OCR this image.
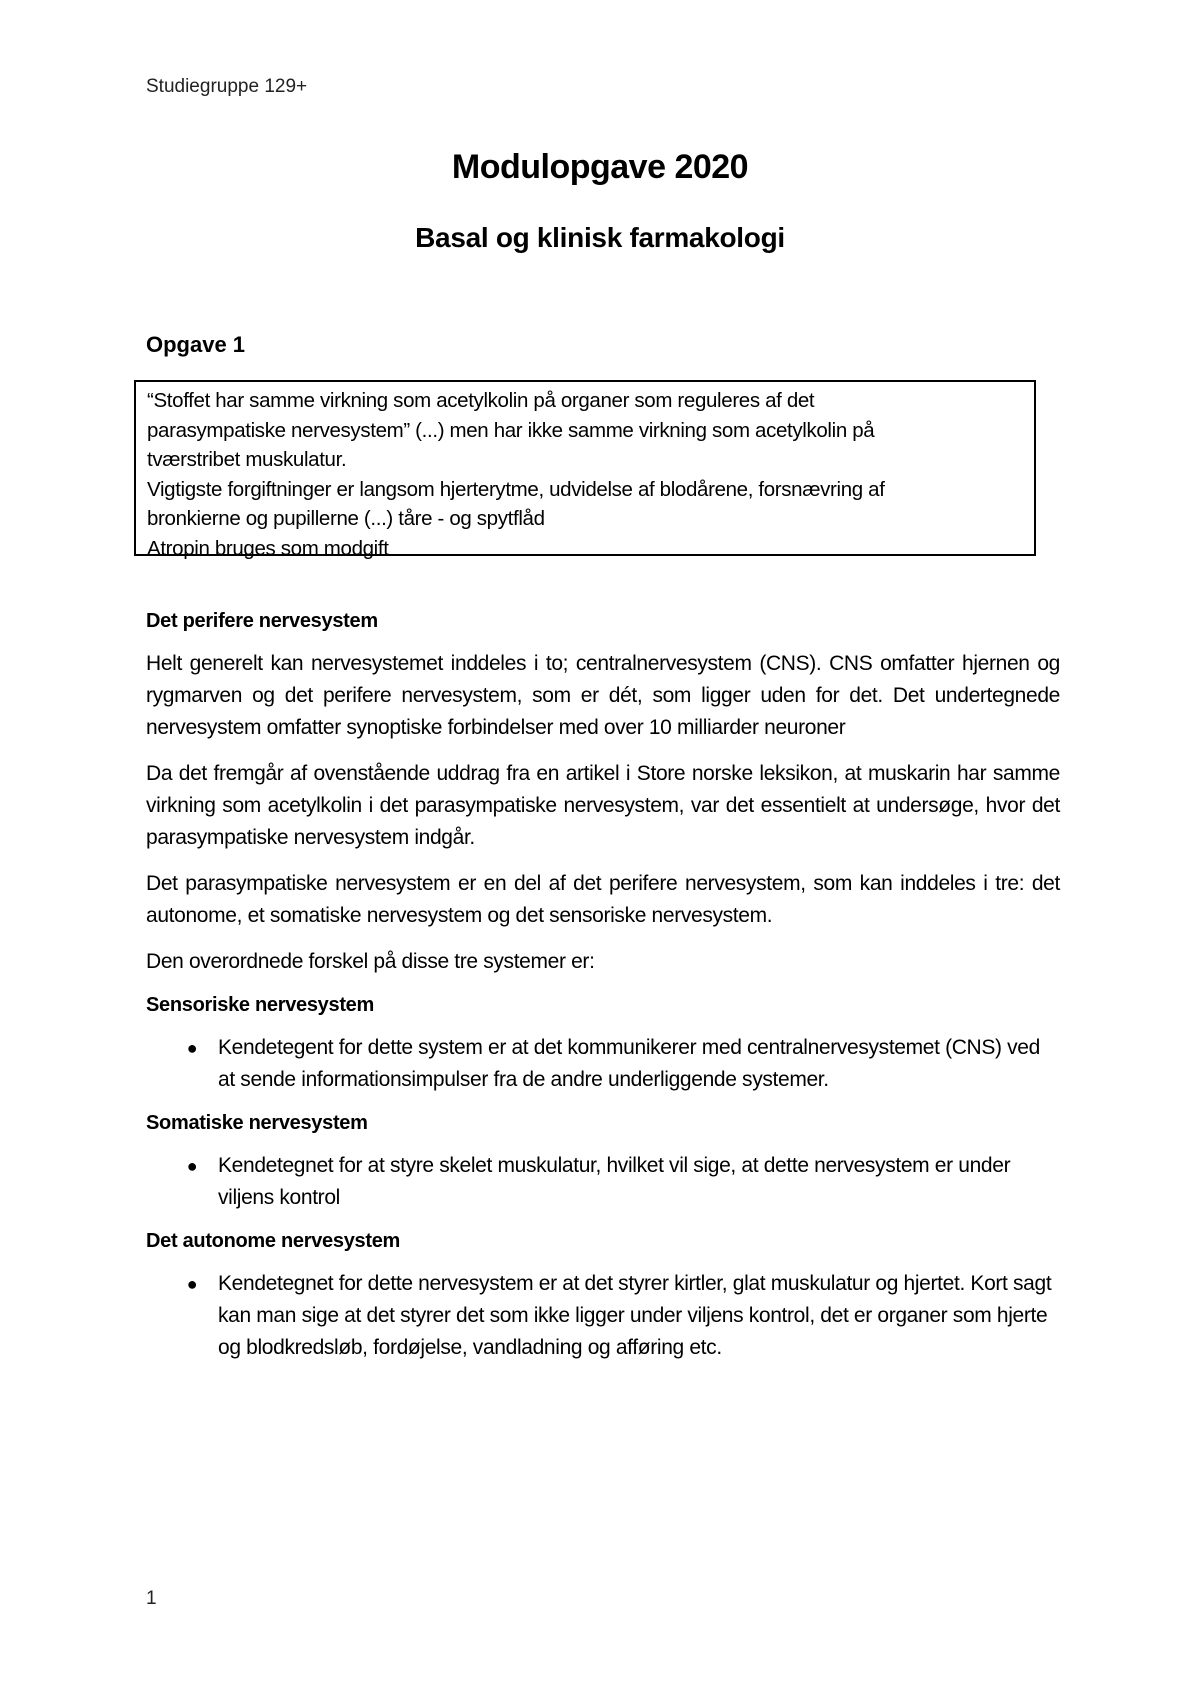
Studiegruppe 129+
Modulopgave 2020
Basal og klinisk farmakologi
Opgave 1
“Stoffet har samme virkning som acetylkolin på organer som reguleres af det
parasympatiske nervesystem” (...) men har ikke samme virkning som acetylkolin på
tværstribet muskulatur.
Vigtigste forgiftninger er langsom hjerterytme, udvidelse af blodårene, forsnævring af
bronkierne og pupillerne (...) tåre - og spytflåd
Atropin bruges som modgift
Det perifere nervesystem

Helt generelt kan nervesystemet inddeles i to; centralnervesystem (CNS). CNS omfatter hjernen og rygmarven og det perifere nervesystem, som er dét, som ligger uden for det. Det undertegnede nervesystem omfatter synoptiske forbindelser med over 10 milliarder neuroner

Da det fremgår af ovenstående uddrag fra en artikel i Store norske leksikon, at muskarin har samme virkning som acetylkolin i det parasympatiske nervesystem, var det essentielt at undersøge, hvor det parasympatiske nervesystem indgår.

Det parasympatiske nervesystem er en del af det perifere nervesystem, som kan inddeles i tre: det autonome, et somatiske nervesystem og det sensoriske nervesystem.

Den overordnede forskel på disse tre systemer er:

Sensoriske nervesystem
● Kendetegent for dette system er at det kommunikerer med centralnervesystemet (CNS) ved at sende informationsimpulser fra de andre underliggende systemer.
Somatiske nervesystem
● Kendetegnet for at styre skelet muskulatur, hvilket vil sige, at dette nervesystem er under viljens kontrol
Det autonome nervesystem
● Kendetegnet for dette nervesystem er at det styrer kirtler, glat muskulatur og hjertet. Kort sagt kan man sige at det styrer det som ikke ligger under viljens kontrol, det er organer som hjerte og blodkredsløb, fordøjelse, vandladning og afføring etc.
1
